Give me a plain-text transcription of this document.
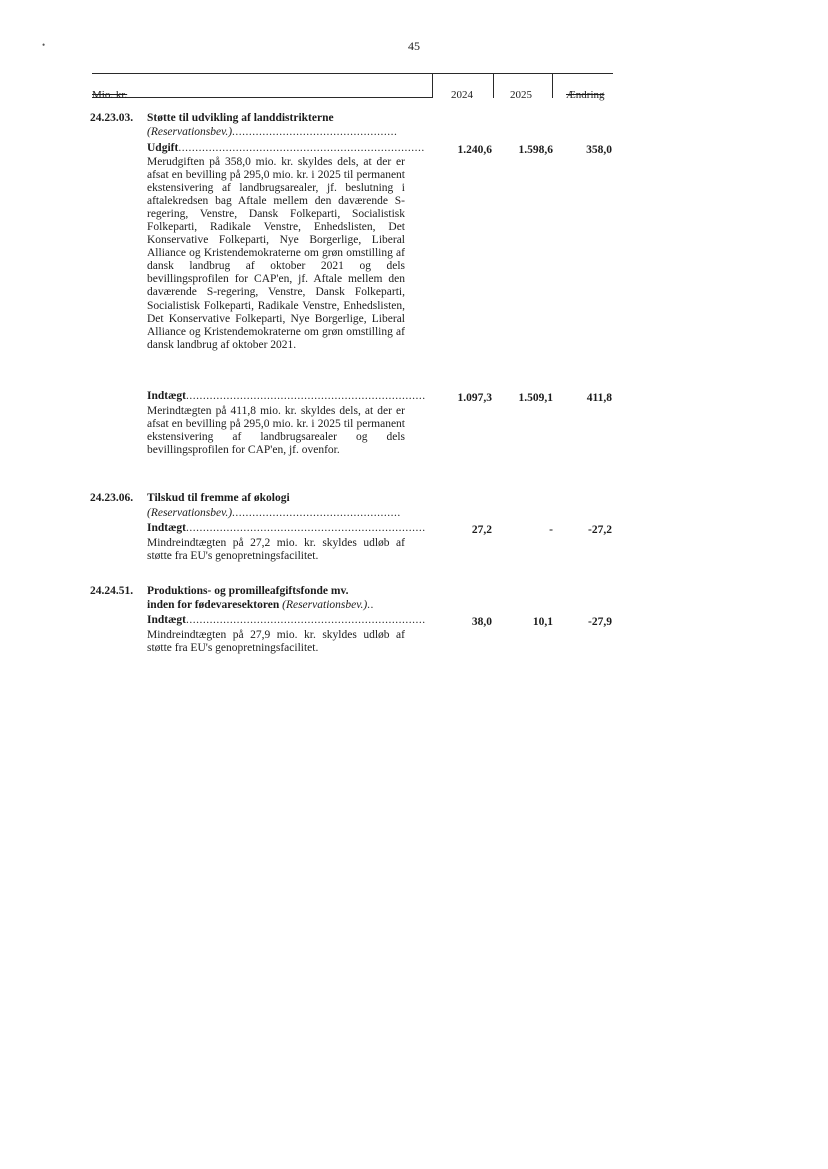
•	45
Mio. kr.	2024	2025	Ændring
24.23.03. Støtte til udvikling af landdistrikterne
(Reservationsbev.).................................................
Udgift.........................................................................	1.240,6	1.598,6	358,0
Merudgiften på 358,0 mio. kr. skyldes dels, at der er afsat en bevilling på 295,0 mio. kr. i 2025 til permanent ekstensivering af landbrugsarealer, jf. beslutning i aftalekredsen bag Aftale mellem den daværende S-regering, Venstre, Dansk Folkeparti, Socialistisk Folkeparti, Radikale Venstre, Enhedslisten, Det Konservative Folkeparti, Nye Borgerlige, Liberal Alliance og Kristendemokraterne om grøn omstilling af dansk landbrug af oktober 2021 og dels bevillingsprofilen for CAP'en, jf. Aftale mellem den daværende S-regering, Venstre, Dansk Folkeparti, Socialistisk Folkeparti, Radikale Venstre, Enhedslisten, Det Konservative Folkeparti, Nye Borgerlige, Liberal Alliance og Kristendemokraterne om grøn omstilling af dansk landbrug af oktober 2021.
Indtægt.......................................................................	1.097,3	1.509,1	411,8
Merindtægten på 411,8 mio. kr. skyldes dels, at der er afsat en bevilling på 295,0 mio. kr. i 2025 til permanent ekstensivering af landbrugsarealer og dels bevillingsprofilen for CAP'en, jf. ovenfor.
24.23.06. Tilskud til fremme af økologi
(Reservationsbev.)..................................................
Indtægt.......................................................................	27,2	-	-27,2
Mindreindtægten på 27,2 mio. kr. skyldes udløb af støtte fra EU's genopretningsfacilitet.
24.24.51. Produktions- og promilleafgiftsfonde mv.
inden for fødevaresektoren (Reservationsbev.)..
Indtægt.......................................................................	38,0	10,1	-27,9
Mindreindtægten på 27,9 mio. kr. skyldes udløb af støtte fra EU's genopretningsfacilitet.
